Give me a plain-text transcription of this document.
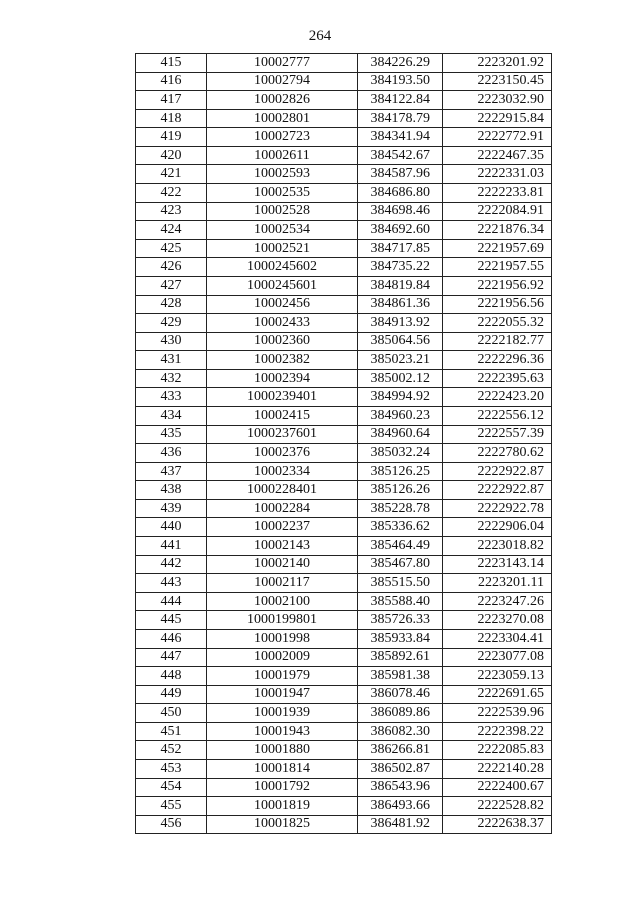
264
415	10002777	384226.29	2223201.92
416	10002794	384193.50	2223150.45
417	10002826	384122.84	2223032.90
418	10002801	384178.79	2222915.84
419	10002723	384341.94	2222772.91
420	10002611	384542.67	2222467.35
421	10002593	384587.96	2222331.03
422	10002535	384686.80	2222233.81
423	10002528	384698.46	2222084.91
424	10002534	384692.60	2221876.34
425	10002521	384717.85	2221957.69
426	1000245602	384735.22	2221957.55
427	1000245601	384819.84	2221956.92
428	10002456	384861.36	2221956.56
429	10002433	384913.92	2222055.32
430	10002360	385064.56	2222182.77
431	10002382	385023.21	2222296.36
432	10002394	385002.12	2222395.63
433	1000239401	384994.92	2222423.20
434	10002415	384960.23	2222556.12
435	1000237601	384960.64	2222557.39
436	10002376	385032.24	2222780.62
437	10002334	385126.25	2222922.87
438	1000228401	385126.26	2222922.87
439	10002284	385228.78	2222922.78
440	10002237	385336.62	2222906.04
441	10002143	385464.49	2223018.82
442	10002140	385467.80	2223143.14
443	10002117	385515.50	2223201.11
444	10002100	385588.40	2223247.26
445	1000199801	385726.33	2223270.08
446	10001998	385933.84	2223304.41
447	10002009	385892.61	2223077.08
448	10001979	385981.38	2223059.13
449	10001947	386078.46	2222691.65
450	10001939	386089.86	2222539.96
451	10001943	386082.30	2222398.22
452	10001880	386266.81	2222085.83
453	10001814	386502.87	2222140.28
454	10001792	386543.96	2222400.67
455	10001819	386493.66	2222528.82
456	10001825	386481.92	2222638.37
